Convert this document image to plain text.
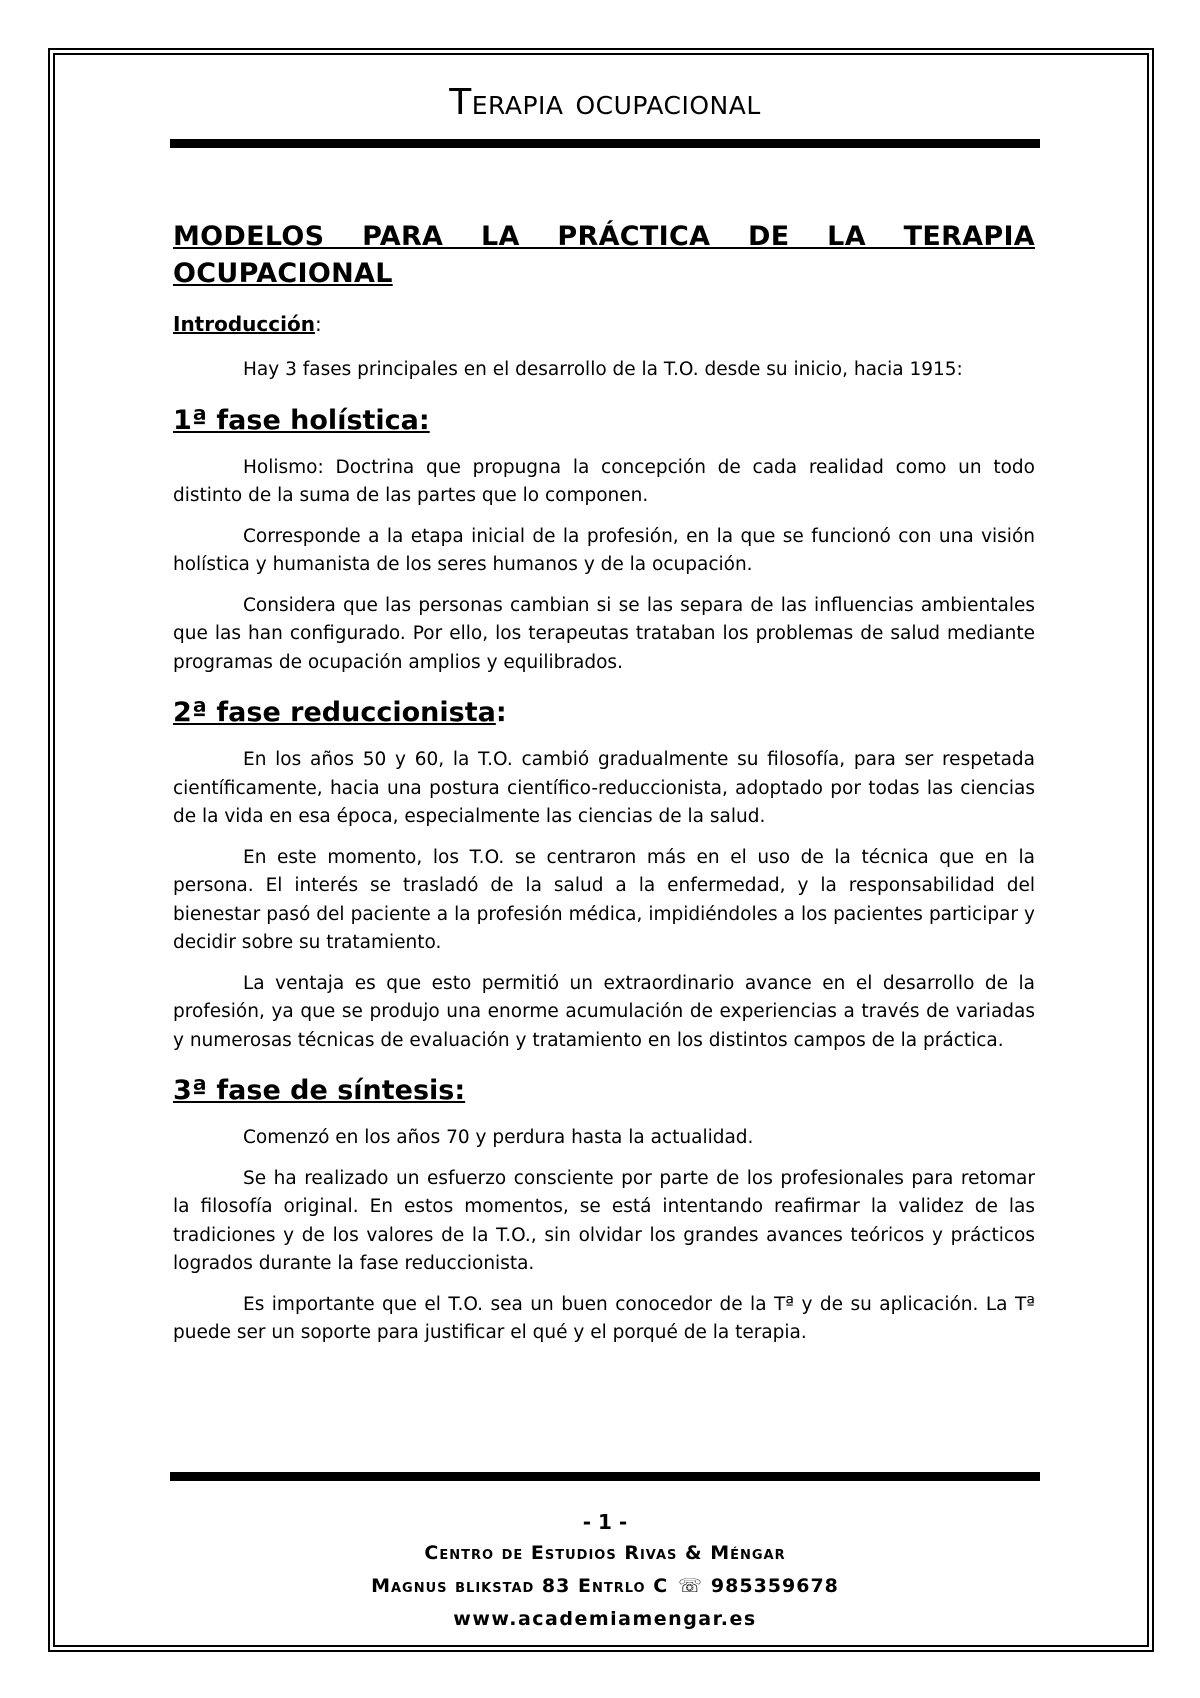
Terapia ocupacional
MODELOS PARA LA PRÁCTICA DE LA TERAPIA OCUPACIONAL
Introducción:

Hay 3 fases principales en el desarrollo de la T.O. desde su inicio, hacia 1915:

1ª fase holística:

Holismo: Doctrina que propugna la concepción de cada realidad como un todo distinto de la suma de las partes que lo componen.

Corresponde a la etapa inicial de la profesión, en la que se funcionó con una visión holística y humanista de los seres humanos y de la ocupación.

Considera que las personas cambian si se las separa de las influencias ambientales que las han configurado. Por ello, los terapeutas trataban los problemas de salud mediante programas de ocupación amplios y equilibrados.

2ª fase reduccionista:

En los años 50 y 60, la T.O. cambió gradualmente su filosofía, para ser respetada científicamente, hacia una postura científico-reduccionista, adoptado por todas las ciencias de la vida en esa época, especialmente las ciencias de la salud.

En este momento, los T.O. se centraron más en el uso de la técnica que en la persona. El interés se trasladó de la salud a la enfermedad, y la responsabilidad del bienestar pasó del paciente a la profesión médica, impidiéndoles a los pacientes participar y decidir sobre su tratamiento.

La ventaja es que esto permitió un extraordinario avance en el desarrollo de la profesión, ya que se produjo una enorme acumulación de experiencias a través de variadas y numerosas técnicas de evaluación y tratamiento en los distintos campos de la práctica.

3ª fase de síntesis:

Comenzó en los años 70 y perdura hasta la actualidad.

Se ha realizado un esfuerzo consciente por parte de los profesionales para retomar la filosofía original. En estos momentos, se está intentando reafirmar la validez de las tradiciones y de los valores de la T.O., sin olvidar los grandes avances teóricos y prácticos logrados durante la fase reduccionista.

Es importante que el T.O. sea un buen conocedor de la Tª y de su aplicación. La Tª puede ser un soporte para justificar el qué y el porqué de la terapia.

- 1 -
Centro de Estudios Rivas & Méngar
Magnus blikstad 83 Entrlo C ☏ 985359678
www.academiamengar.es
